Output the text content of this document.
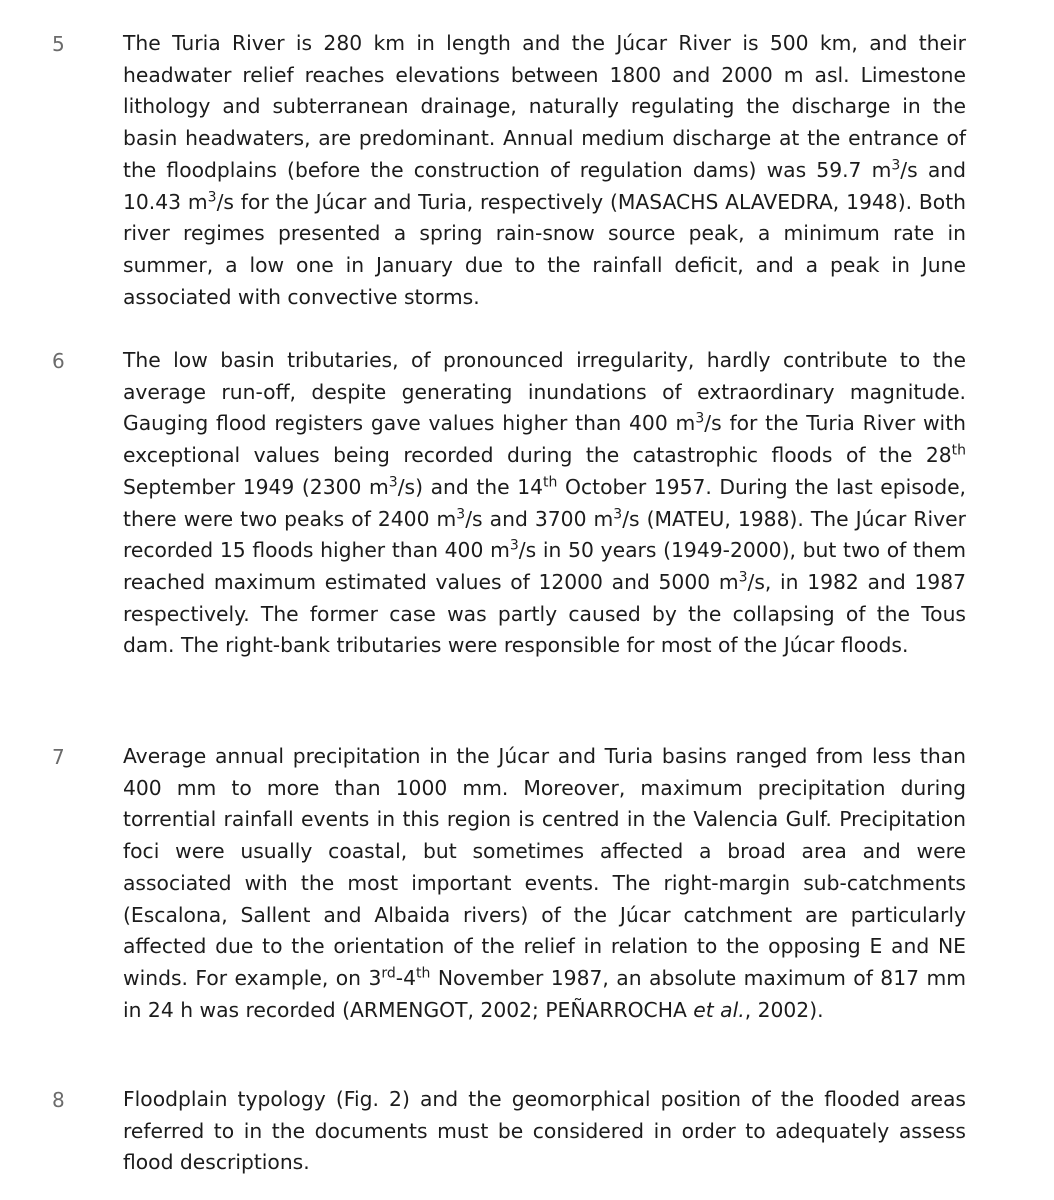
5	The Turia River is 280 km in length and the Júcar River is 500 km, and their headwater relief reaches elevations between 1800 and 2000 m asl. Limestone lithology and subterranean drainage, naturally regulating the discharge in the basin headwaters, are predominant. Annual medium discharge at the entrance of the floodplains (before the construction of regulation dams) was 59.7 $m^3/s$ and 10.43 $m^3/s$ for the Júcar and Turia, respectively (MASACHS ALAVEDRA, 1948). Both river regimes presented a spring rain-snow source peak, a minimum rate in summer, a low one in January due to the rainfall deficit, and a peak in June associated with convective storms.

6	The low basin tributaries, of pronounced irregularity, hardly contribute to the average run-off, despite generating inundations of extraordinary magnitude. Gauging flood registers gave values higher than 400 $m^3/s$ for the Turia River with exceptional values being recorded during the catastrophic floods of the 28th September 1949 (2300 $m^3/s$) and the 14th October 1957. During the last episode, there were two peaks of 2400 $m^3/s$ and 3700 $m^3/s$ (MATEU, 1988). The Júcar River recorded 15 floods higher than 400 $m^3/s$ in 50 years (1949-2000), but two of them reached maximum estimated values of 12000 and 5000 $m^3/s$, in 1982 and 1987 respectively. The former case was partly caused by the collapsing of the Tous dam. The right-bank tributaries were responsible for most of the Júcar floods.

7	Average annual precipitation in the Júcar and Turia basins ranged from less than 400 mm to more than 1000 mm. Moreover, maximum precipitation during torrential rainfall events in this region is centred in the Valencia Gulf. Precipitation foci were usually coastal, but sometimes affected a broad area and were associated with the most important events. The right-margin sub-catchments (Escalona, Sallent and Albaida rivers) of the Júcar catchment are particularly affected due to the orientation of the relief in relation to the opposing E and NE winds. For example, on 3rd-4th November 1987, an absolute maximum of 817 mm in 24 h was recorded (ARMENGOT, 2002; PEÑARROCHA et al., 2002).

8	Floodplain typology (Fig. 2) and the geomorphical position of the flooded areas referred to in the documents must be considered in order to adequately assess flood descriptions.
